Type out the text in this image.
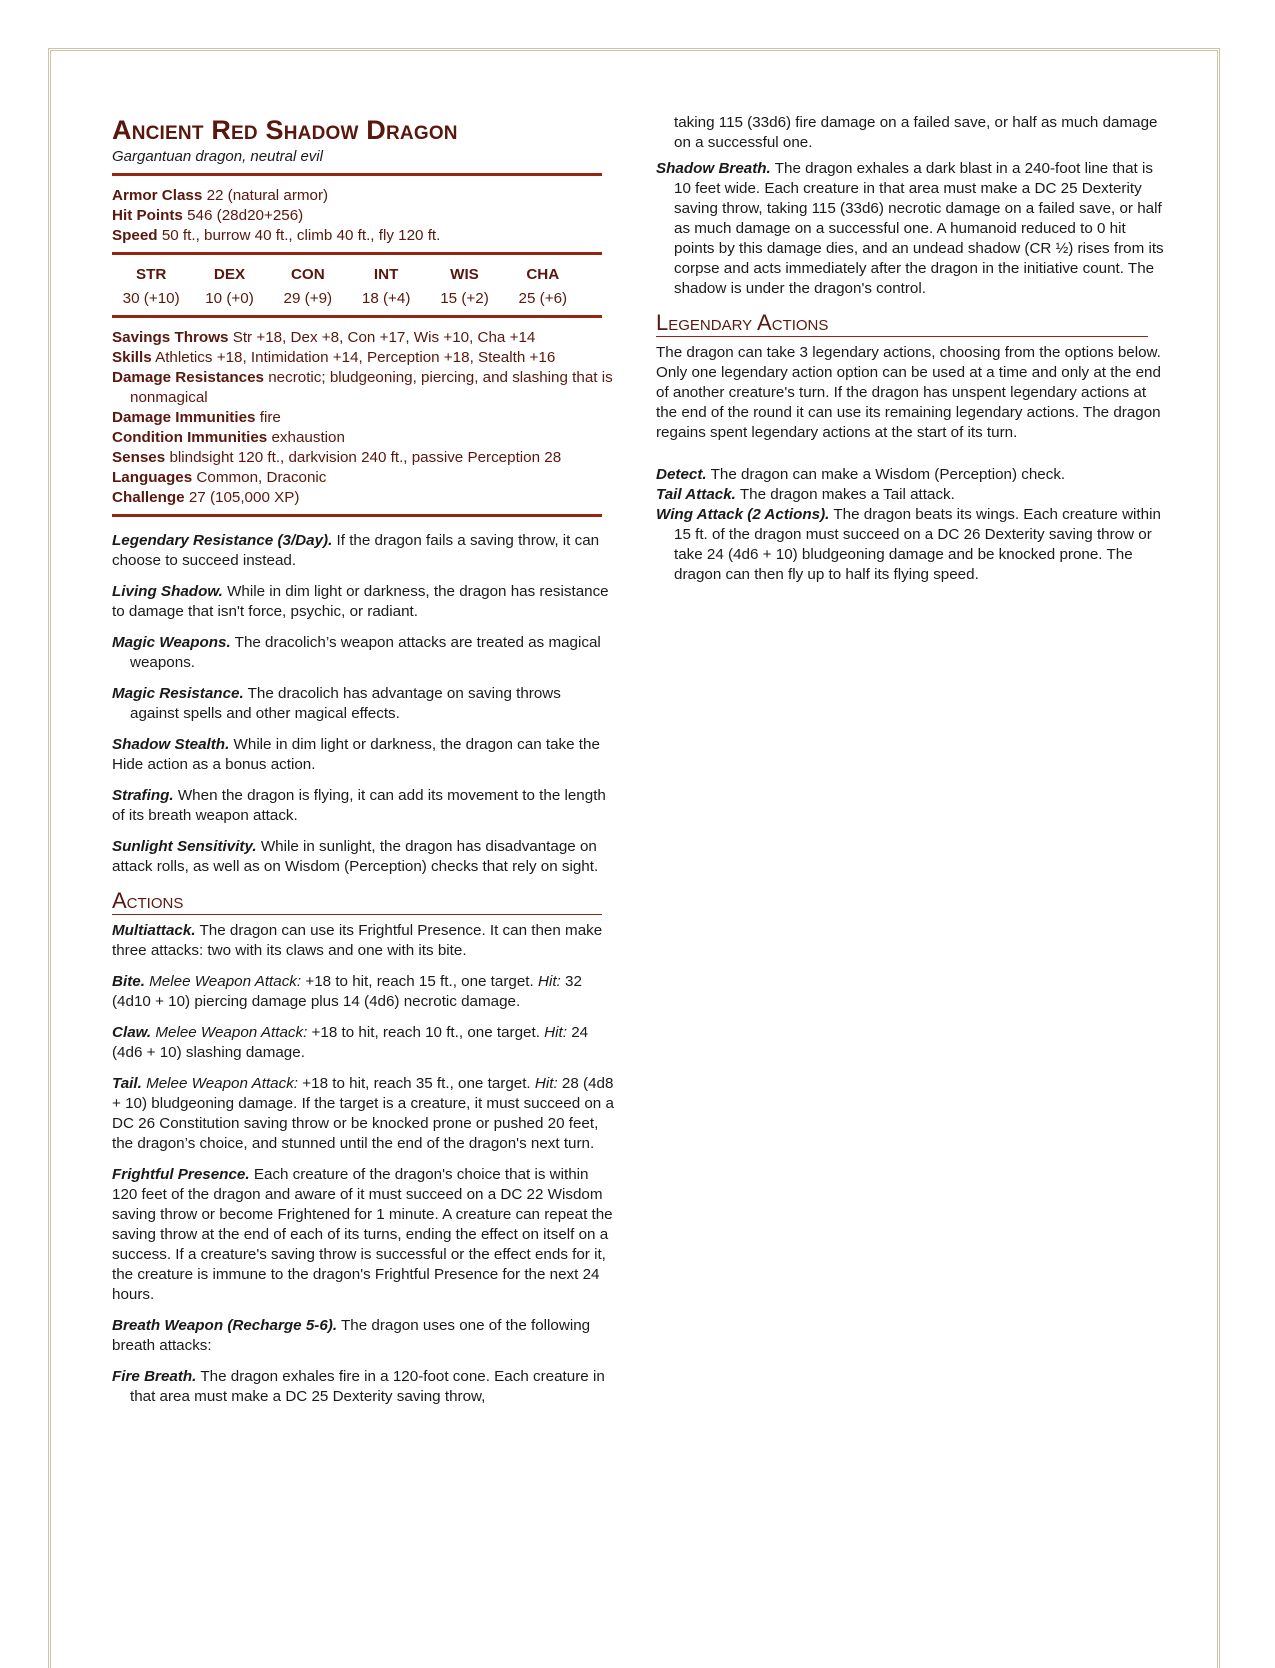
Ancient Red Shadow Dragon

Gargantuan dragon, neutral evil

Armor Class 22 (natural armor)

Hit Points 546 (28d20+256)

Speed 50 ft., burrow 40 ft., climb 40 ft., fly 120 ft.

STR	DEX	CON	INT	WIS	CHA
30 (+10)	10 (+0)	29 (+9)	18 (+4)	15 (+2)	25 (+6)

Savings Throws Str +18, Dex +8, Con +17, Wis +10, Cha +14

Skills Athletics +18, Intimidation +14, Perception +18, Stealth +16

Damage Resistances necrotic; bludgeoning, piercing, and slashing that is nonmagical

Damage Immunities fire

Condition Immunities exhaustion

Senses blindsight 120 ft., darkvision 240 ft., passive Perception 28

Languages Common, Draconic

Challenge 27 (105,000 XP)

Legendary Resistance (3/Day). If the dragon fails a saving throw, it can choose to succeed instead.

Living Shadow. While in dim light or darkness, the dragon has resistance to damage that isn't force, psychic, or radiant.

Magic Weapons. The dracolich’s weapon attacks are treated as magical weapons.

Magic Resistance. The dracolich has advantage on saving throws against spells and other magical effects.

Shadow Stealth. While in dim light or darkness, the dragon can take the Hide action as a bonus action.

Strafing. When the dragon is flying, it can add its movement to the length of its breath weapon attack.

Sunlight Sensitivity. While in sunlight, the dragon has disadvantage on attack rolls, as well as on Wisdom (Perception) checks that rely on sight.

Actions

Multiattack. The dragon can use its Frightful Presence. It can then make three attacks: two with its claws and one with its bite.

Bite. Melee Weapon Attack: +18 to hit, reach 15 ft., one target. Hit: 32 (4d10 + 10) piercing damage plus 14 (4d6) necrotic damage.

Claw. Melee Weapon Attack: +18 to hit, reach 10 ft., one target. Hit: 24 (4d6 + 10) slashing damage.

Tail. Melee Weapon Attack: +18 to hit, reach 35 ft., one target. Hit: 28 (4d8 + 10) bludgeoning damage. If the target is a creature, it must succeed on a DC 26 Constitution saving throw or be knocked prone or pushed 20 feet, the dragon’s choice, and stunned until the end of the dragon's next turn.

Frightful Presence. Each creature of the dragon's choice that is within 120 feet of the dragon and aware of it must succeed on a DC 22 Wisdom saving throw or become Frightened for 1 minute. A creature can repeat the saving throw at the end of each of its turns, ending the effect on itself on a success. If a creature's saving throw is successful or the effect ends for it, the creature is immune to the dragon's Frightful Presence for the next 24 hours.

Breath Weapon (Recharge 5-6). The dragon uses one of the following breath attacks:

Fire Breath. The dragon exhales fire in a 120-foot cone. Each creature in that area must make a DC 25 Dexterity saving throw,

taking 115 (33d6) fire damage on a failed save, or half as much damage on a successful one.

Shadow Breath. The dragon exhales a dark blast in a 240-foot line that is 10 feet wide. Each creature in that area must make a DC 25 Dexterity saving throw, taking 115 (33d6) necrotic damage on a failed save, or half as much damage on a successful one. A humanoid reduced to 0 hit points by this damage dies, and an undead shadow (CR ½) rises from its corpse and acts immediately after the dragon in the initiative count. The shadow is under the dragon's control.

Legendary Actions

The dragon can take 3 legendary actions, choosing from the options below. Only one legendary action option can be used at a time and only at the end of another creature's turn. If the dragon has unspent legendary actions at the end of the round it can use its remaining legendary actions. The dragon regains spent legendary actions at the start of its turn.

Detect. The dragon can make a Wisdom (Perception) check.

Tail Attack. The dragon makes a Tail attack.

Wing Attack (2 Actions). The dragon beats its wings. Each creature within 15 ft. of the dragon must succeed on a DC 26 Dexterity saving throw or take 24 (4d6 + 10) bludgeoning damage and be knocked prone. The dragon can then fly up to half its flying speed.
